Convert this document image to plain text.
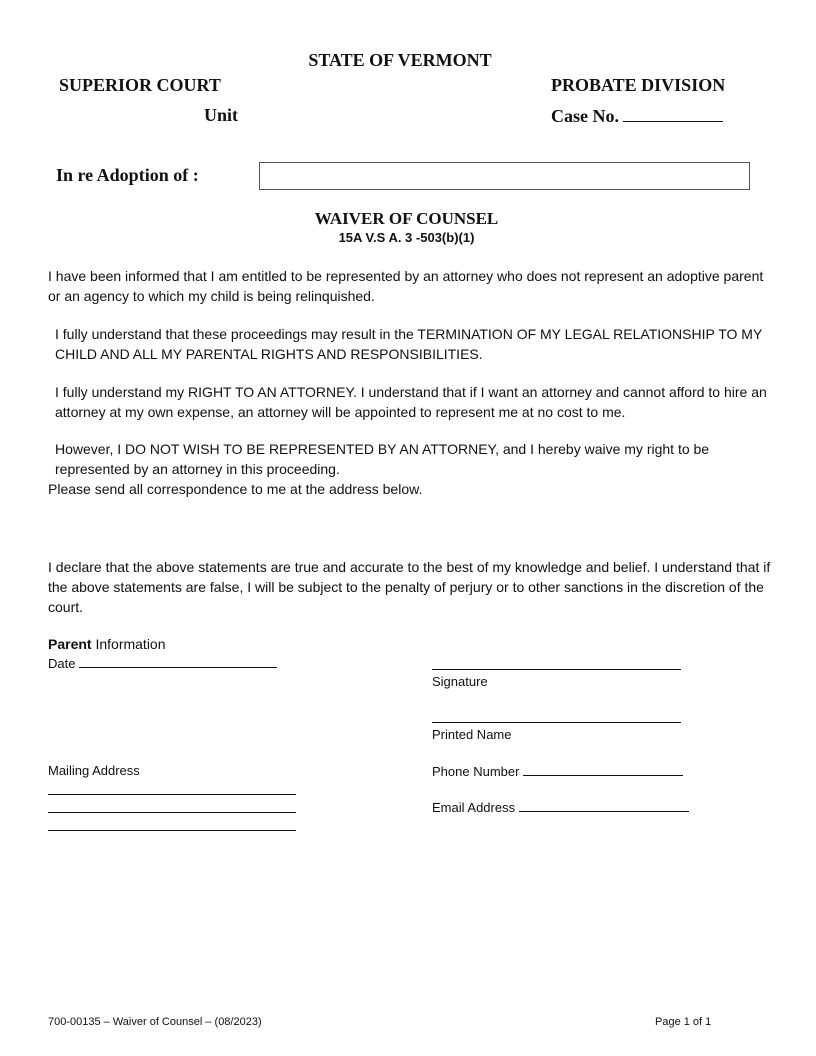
STATE OF VERMONT
SUPERIOR COURT	PROBATE DIVISION
Unit	Case No.
In re Adoption of :
WAIVER OF COUNSEL
15A V.S A. 3 -503(b)(1)
I have been informed that I am entitled to be represented by an attorney who does not represent an adoptive parent or an agency to which my child is being relinquished.
I fully understand that these proceedings may result in the TERMINATION OF MY LEGAL RELATIONSHIP TO MY CHILD AND ALL MY PARENTAL RIGHTS AND RESPONSIBILITIES.
I fully understand my RIGHT TO AN ATTORNEY. I understand that if I want an attorney and cannot afford to hire an attorney at my own expense, an attorney will be appointed to represent me at no cost to me.
However, I DO NOT WISH TO BE REPRESENTED BY AN ATTORNEY, and I hereby waive my right to be represented by an attorney in this proceeding.
Please send all correspondence to me at the address below.
I declare that the above statements are true and accurate to the best of my knowledge and belief. I understand that if the above statements are false, I will be subject to the penalty of perjury or to other sanctions in the discretion of the court.
Parent Information
Date
Signature
Printed Name
Mailing Address	Phone Number
Email Address
700-00135 – Waiver of Counsel – (08/2023)	Page 1 of 1
